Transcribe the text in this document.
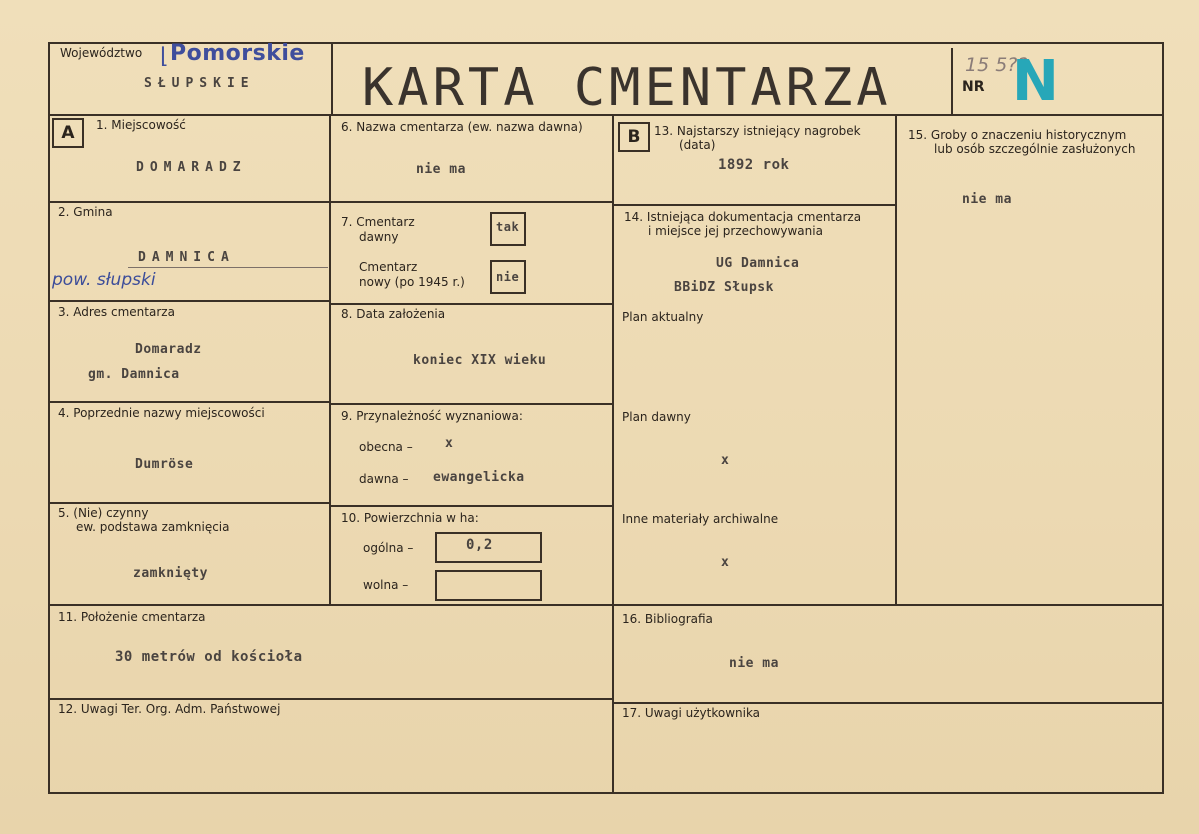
Województwo ⌊ Pomorskie
SŁUPSKIE KARTA CMENTARZA	15 5??
NR N
A	1. Miejscowość
DOMARADZ
2. Gmina
DAMNICA
pow. słupski
3. Adres cmentarza
Domaradz
gm. Damnica
4. Poprzednie nazwy miejscowości
Dumröse
5. (Nie) czynny
ew. podstawa zamknięcia
zamknięty
6. Nazwa cmentarza (ew. nazwa dawna)
nie ma
7. Cmentarz
dawny
tak
Cmentarz
nowy (po 1945 r.)	nie
8. Data założenia
koniec XIX wieku
9. Przynależność wyznaniowa:
obecna – x
dawna – ewangelicka
10. Powierzchnia w ha:
ogólna –	0,2
wolna –
B	13. Najstarszy istniejący nagrobek
(data)
1892 rok
14. Istniejąca dokumentacja cmentarza
i miejsce jej przechowywania
UG Damnica
BBiDZ Słupsk
Plan aktualny
Plan dawny
x
Inne materiały archiwalne
x
15. Groby o znaczeniu historycznym
lub osób szczególnie zasłużonych
nie ma
11. Położenie cmentarza
30 metrów od kościoła
12. Uwagi Ter. Org. Adm. Państwowej
16. Bibliografia
nie ma
17. Uwagi użytkownika
